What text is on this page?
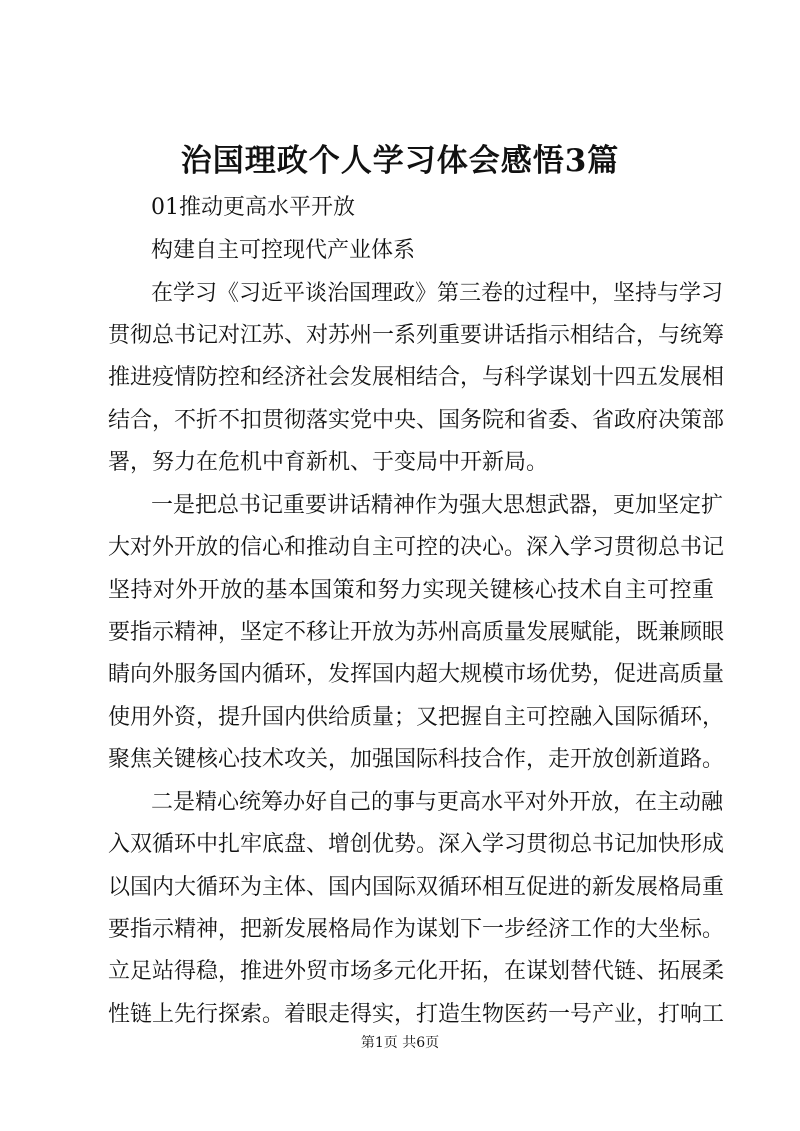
治国理政个人学习体会感悟3篇

01推动更高水平开放

构建自主可控现代产业体系

在学习《习近平谈治国理政》第三卷的过程中，坚持与学习

贯彻总书记对江苏、对苏州一系列重要讲话指示相结合，与统筹

推进疫情防控和经济社会发展相结合，与科学谋划十四五发展相

结合，不折不扣贯彻落实党中央、国务院和省委、省政府决策部

署，努力在危机中育新机、于变局中开新局。

一是把总书记重要讲话精神作为强大思想武器，更加坚定扩

大对外开放的信心和推动自主可控的决心。深入学习贯彻总书记

坚持对外开放的基本国策和努力实现关键核心技术自主可控重

要指示精神，坚定不移让开放为苏州高质量发展赋能，既兼顾眼

睛向外服务国内循环，发挥国内超大规模市场优势，促进高质量

使用外资，提升国内供给质量；又把握自主可控融入国际循环，

聚焦关键核心技术攻关，加强国际科技合作，走开放创新道路。

二是精心统筹办好自己的事与更高水平对外开放，在主动融

入双循环中扎牢底盘、增创优势。深入学习贯彻总书记加快形成

以国内大循环为主体、国内国际双循环相互促进的新发展格局重

要指示精神，把新发展格局作为谋划下一步经济工作的大坐标。

立足站得稳，推进外贸市场多元化开拓，在谋划替代链、拓展柔

性链上先行探索。着眼走得实，打造生物医药一号产业，打响工

第1页 共6页
